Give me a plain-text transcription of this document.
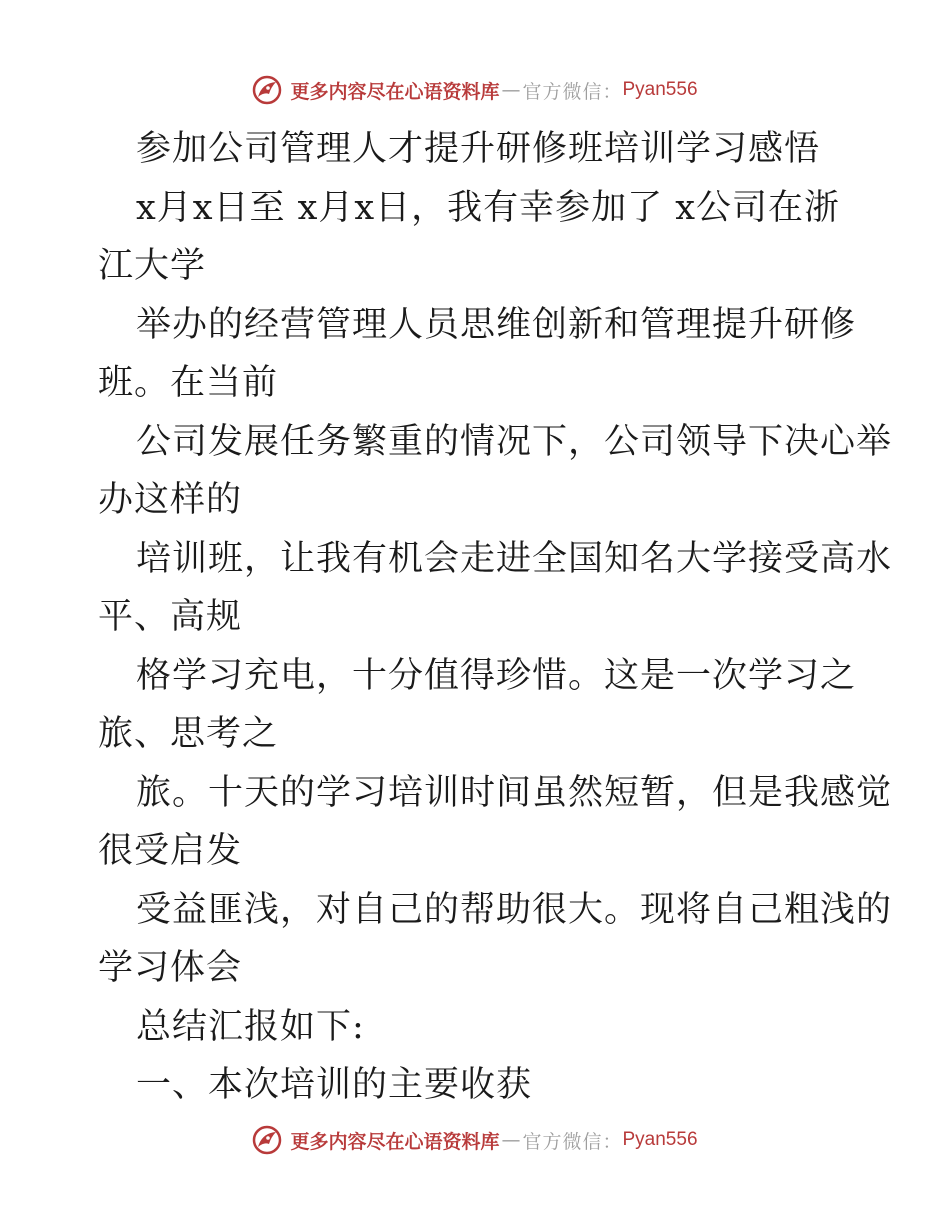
更多内容尽在心语资料库 — 官方微信： Pyan556
参加公司管理人才提升研修班培训学习感悟
x月x日至 x月x日，我有幸参加了 x公司在浙
江大学
举办的经营管理人员思维创新和管理提升研修
班。在当前
公司发展任务繁重的情况下，公司领导下决心举
办这样的
培训班，让我有机会走进全国知名大学接受高水
平、高规
格学习充电，十分值得珍惜。这是一次学习之
旅、思考之
旅。十天的学习培训时间虽然短暂，但是我感觉
很受启发
受益匪浅，对自己的帮助很大。现将自己粗浅的
学习体会
总结汇报如下:
一、本次培训的主要收获
更多内容尽在心语资料库 — 官方微信： Pyan556
